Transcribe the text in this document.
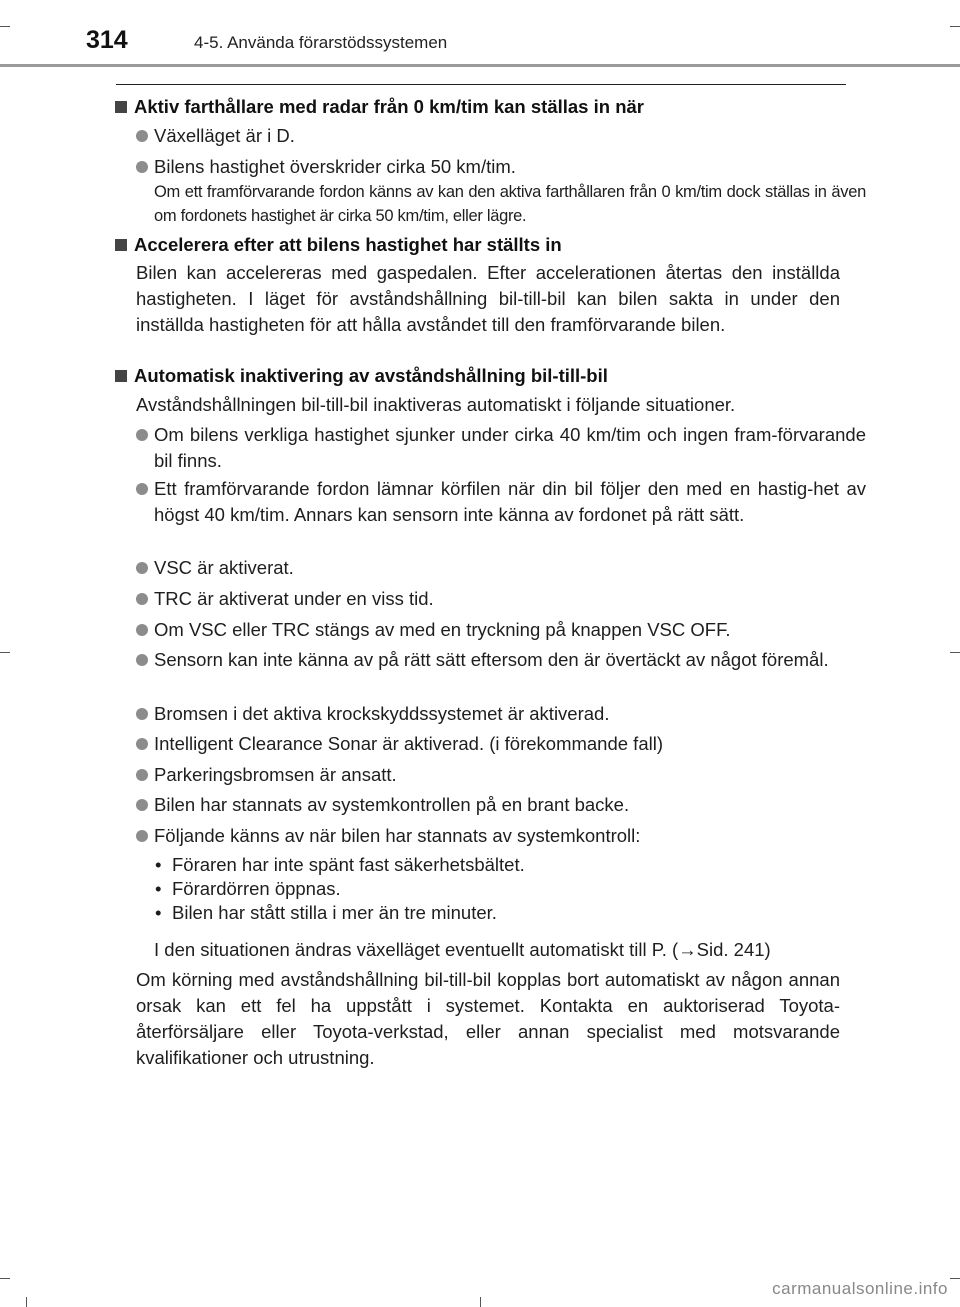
314	4-5. Använda förarstödssystemen
Aktiv farthållare med radar från 0 km/tim kan ställas in när
Växelläget är i D.
Bilens hastighet överskrider cirka 50 km/tim.
Om ett framförvarande fordon känns av kan den aktiva farthållaren från 0 km/tim dock ställas in även om fordonets hastighet är cirka 50 km/tim, eller lägre.
Accelerera efter att bilens hastighet har ställts in
Bilen kan accelereras med gaspedalen. Efter accelerationen återtas den inställda hastigheten. I läget för avståndshållning bil-till-bil kan bilen sakta in under den inställda hastigheten för att hålla avståndet till den framförvarande bilen.
Automatisk inaktivering av avståndshållning bil-till-bil
Avståndshållningen bil-till-bil inaktiveras automatiskt i följande situationer.
Om bilens verkliga hastighet sjunker under cirka 40 km/tim och ingen fram-förvarande bil finns.
Ett framförvarande fordon lämnar körfilen när din bil följer den med en hastig-het av högst 40 km/tim. Annars kan sensorn inte känna av fordonet på rätt sätt.
VSC är aktiverat.
TRC är aktiverat under en viss tid.
Om VSC eller TRC stängs av med en tryckning på knappen VSC OFF.
Sensorn kan inte känna av på rätt sätt eftersom den är övertäckt av något föremål.
Bromsen i det aktiva krockskyddssystemet är aktiverad.
Intelligent Clearance Sonar är aktiverad. (i förekommande fall)
Parkeringsbromsen är ansatt.
Bilen har stannats av systemkontrollen på en brant backe.
Följande känns av när bilen har stannats av systemkontroll:
• Föraren har inte spänt fast säkerhetsbältet.
• Förardörren öppnas.
• Bilen har stått stilla i mer än tre minuter.
I den situationen ändras växelläget eventuellt automatiskt till P. (→Sid. 241)
Om körning med avståndshållning bil-till-bil kopplas bort automatiskt av någon annan orsak kan ett fel ha uppstått i systemet. Kontakta en auktoriserad Toyota-återförsäljare eller Toyota-verkstad, eller annan specialist med motsvarande kvalifikationer och utrustning.
carmanualsonline.info
